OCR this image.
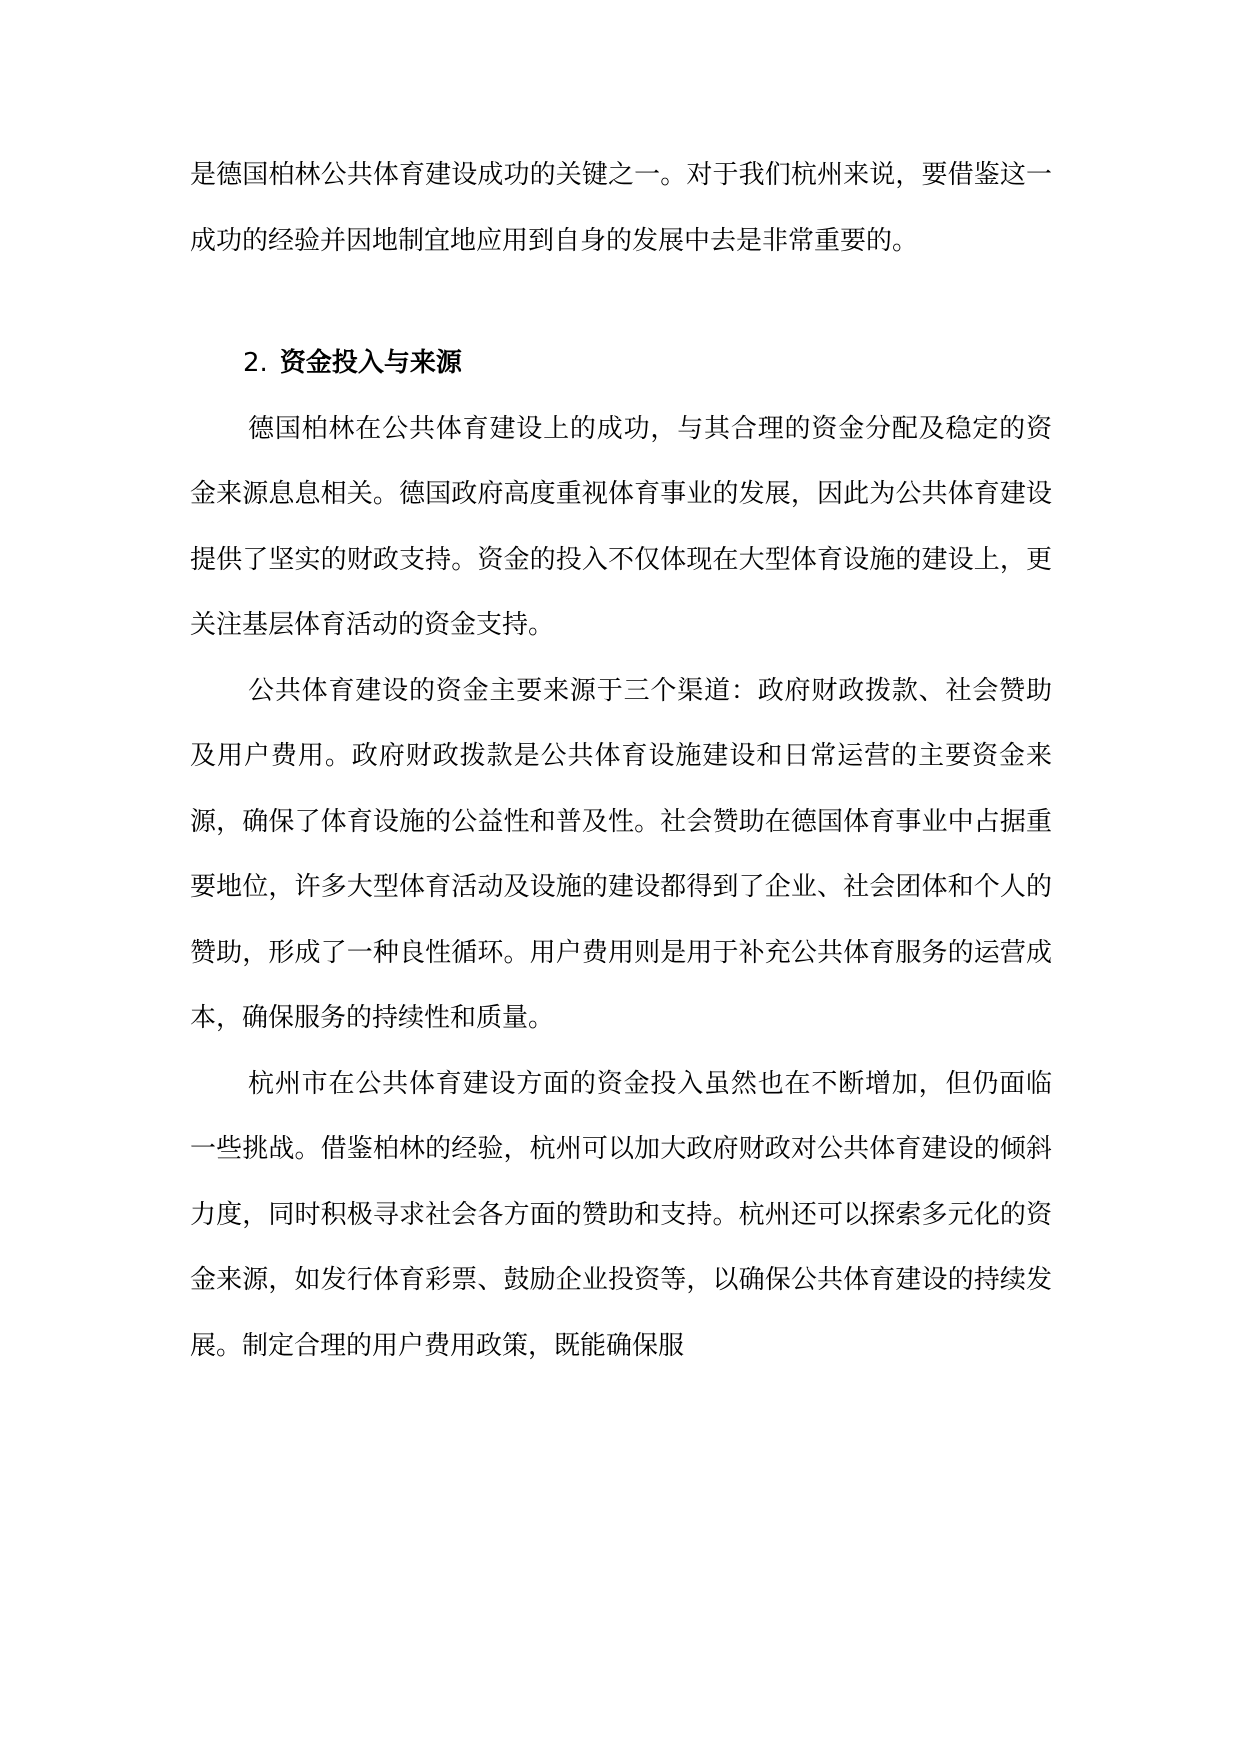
是德国柏林公共体育建设成功的关键之一。对于我们杭州来说，要借鉴这一成功的经验并因地制宜地应用到自身的发展中去是非常重要的。

2. 资金投入与来源

德国柏林在公共体育建设上的成功，与其合理的资金分配及稳定的资金来源息息相关。德国政府高度重视体育事业的发展，因此为公共体育建设提供了坚实的财政支持。资金的投入不仅体现在大型体育设施的建设上，更关注基层体育活动的资金支持。

公共体育建设的资金主要来源于三个渠道：政府财政拨款、社会赞助及用户费用。政府财政拨款是公共体育设施建设和日常运营的主要资金来源，确保了体育设施的公益性和普及性。社会赞助在德国体育事业中占据重要地位，许多大型体育活动及设施的建设都得到了企业、社会团体和个人的赞助，形成了一种良性循环。用户费用则是用于补充公共体育服务的运营成本，确保服务的持续性和质量。

杭州市在公共体育建设方面的资金投入虽然也在不断增加，但仍面临一些挑战。借鉴柏林的经验，杭州可以加大政府财政对公共体育建设的倾斜力度，同时积极寻求社会各方面的赞助和支持。杭州还可以探索多元化的资金来源，如发行体育彩票、鼓励企业投资等，以确保公共体育建设的持续发展。制定合理的用户费用政策，既能确保服
